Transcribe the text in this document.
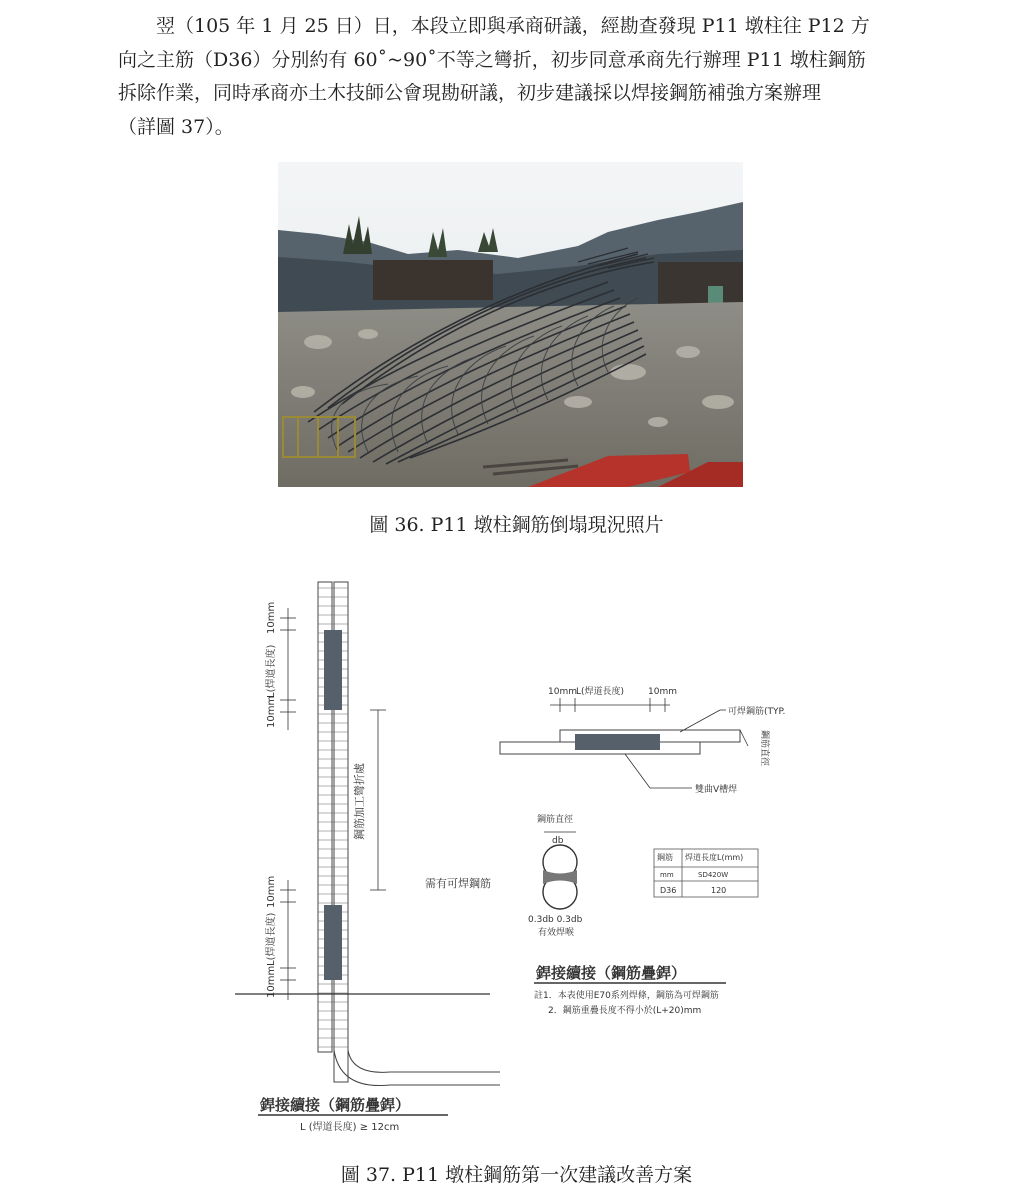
翌（105 年 1 月 25 日）日，本段立即與承商研議，經勘查發現 P11 墩柱往 P12 方
向之主筋（D36）分別約有 60˚~90˚不等之彎折，初步同意承商先行辦理 P11 墩柱鋼筋
拆除作業，同時承商亦土木技師公會現勘研議，初步建議採以焊接鋼筋補強方案辦理
（詳圖 37）。

圖 36. P11 墩柱鋼筋倒塌現況照片

10mm
L(焊道長度)
10mm
鋼筋加工彎折處
10mm
L(焊道長度)
10mm
需有可焊鋼筋
銲接續接（鋼筋疊銲）
L (焊道長度) ≥ 12cm
10mm L(焊道長度)	10mm
可焊鋼筋(TYP.
鋼筋直徑
雙曲V槽焊
鋼筋直徑
db
0.3db 0.3db
有效焊喉
鋼筋
mm
焊道長度L(mm)
SD420W
D36	120
銲接續接（鋼筋疊銲）
註1．本表使用E70系列焊條，鋼筋為可焊鋼筋
2．鋼筋重疊長度不得小於(L+20)mm

圖 37. P11 墩柱鋼筋第一次建議改善方案
